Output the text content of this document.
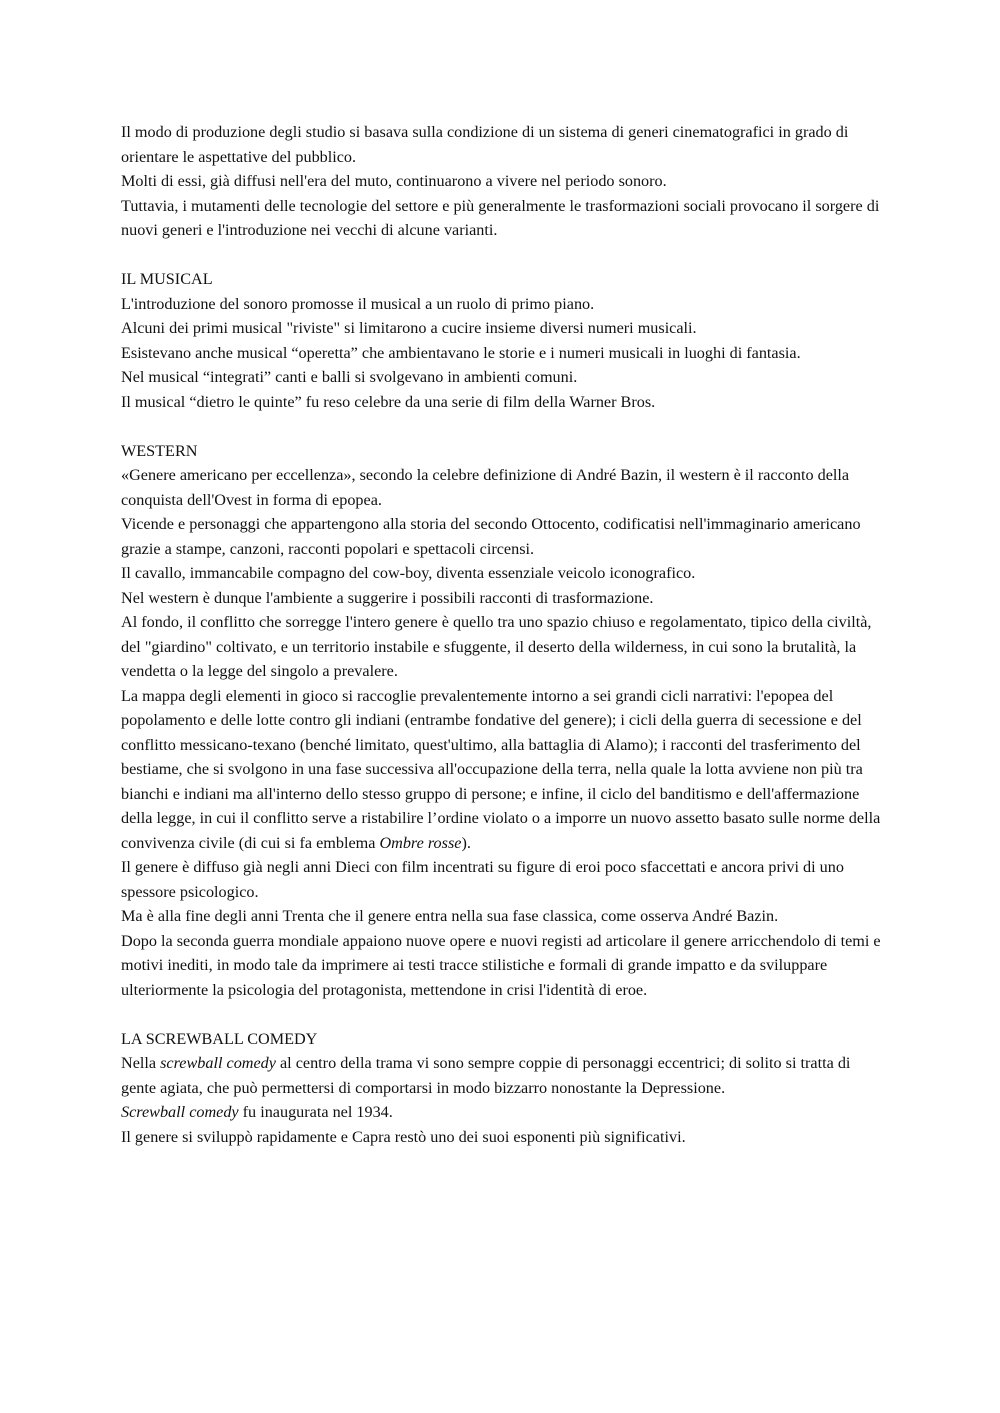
Il modo di produzione degli studio si basava sulla condizione di un sistema di generi cinematografici in grado di orientare le aspettative del pubblico.

Molti di essi, già diffusi nell'era del muto, continuarono a vivere nel periodo sonoro.

Tuttavia, i mutamenti delle tecnologie del settore e più generalmente le trasformazioni sociali provocano il sorgere di nuovi generi e l'introduzione nei vecchi di alcune varianti.

IL MUSICAL

L'introduzione del sonoro promosse il musical a un ruolo di primo piano.

Alcuni dei primi musical "riviste" si limitarono a cucire insieme diversi numeri musicali.

Esistevano anche musical “operetta” che ambientavano le storie e i numeri musicali in luoghi di fantasia.

Nel musical “integrati” canti e balli si svolgevano in ambienti comuni.

Il musical “dietro le quinte” fu reso celebre da una serie di film della Warner Bros.

WESTERN

«Genere americano per eccellenza», secondo la celebre definizione di André Bazin, il western è il racconto della conquista dell'Ovest in forma di epopea.

Vicende e personaggi che appartengono alla storia del secondo Ottocento, codificatisi nell'immaginario americano grazie a stampe, canzoni, racconti popolari e spettacoli circensi.

Il cavallo, immancabile compagno del cow-boy, diventa essenziale veicolo iconografico.

Nel western è dunque l'ambiente a suggerire i possibili racconti di trasformazione.

Al fondo, il conflitto che sorregge l'intero genere è quello tra uno spazio chiuso e regolamentato, tipico della civiltà, del "giardino" coltivato, e un territorio instabile e sfuggente, il deserto della wilderness, in cui sono la brutalità, la vendetta o la legge del singolo a prevalere.

La mappa degli elementi in gioco si raccoglie prevalentemente intorno a sei grandi cicli narrativi: l'epopea del popolamento e delle lotte contro gli indiani (entrambe fondative del genere); i cicli della guerra di secessione e del conflitto messicano-texano (benché limitato, quest'ultimo, alla battaglia di Alamo); i racconti del trasferimento del bestiame, che si svolgono in una fase successiva all'occupazione della terra, nella quale la lotta avviene non più tra bianchi e indiani ma all'interno dello stesso gruppo di persone; e infine, il ciclo del banditismo e dell'affermazione della legge, in cui il conflitto serve a ristabilire l’ordine violato o a imporre un nuovo assetto basato sulle norme della convivenza civile (di cui si fa emblema Ombre rosse).

Il genere è diffuso già negli anni Dieci con film incentrati su figure di eroi poco sfaccettati e ancora privi di uno spessore psicologico.

Ma è alla fine degli anni Trenta che il genere entra nella sua fase classica, come osserva André Bazin.

Dopo la seconda guerra mondiale appaiono nuove opere e nuovi registi ad articolare il genere arricchendolo di temi e motivi inediti, in modo tale da imprimere ai testi tracce stilistiche e formali di grande impatto e da sviluppare ulteriormente la psicologia del protagonista, mettendone in crisi l'identità di eroe.

LA SCREWBALL COMEDY

Nella screwball comedy al centro della trama vi sono sempre coppie di personaggi eccentrici; di solito si tratta di gente agiata, che può permettersi di comportarsi in modo bizzarro nonostante la Depressione.

Screwball comedy fu inaugurata nel 1934.

Il genere si sviluppò rapidamente e Capra restò uno dei suoi esponenti più significativi.
